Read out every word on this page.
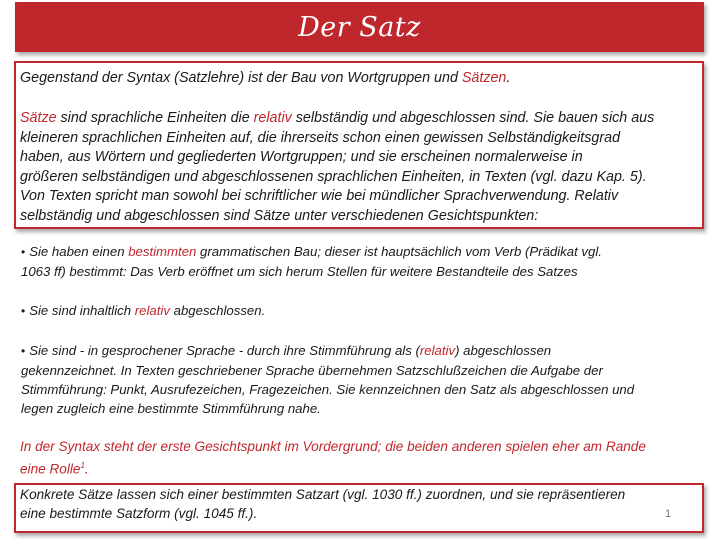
Der Satz
Gegenstand der Syntax (Satzlehre) ist der Bau von Wortgruppen und Sätzen.
Sätze sind sprachliche Einheiten die relativ selbständig und abgeschlossen sind. Sie bauen sich aus
kleineren sprachlichen Einheiten auf, die ihrerseits schon einen gewissen Selbständigkeitsgrad
haben, aus Wörtern und gegliederten Wortgruppen; und sie erscheinen normalerweise in
größeren selbständigen und abgeschlossenen sprachlichen Einheiten, in Texten (vgl. dazu Kap. 5).
Von Texten spricht man sowohl bei schriftlicher wie bei mündlicher Sprachverwendung. Relativ
selbständig und abgeschlossen sind Sätze unter verschiedenen Gesichtspunkten:
• Sie haben einen bestimmten grammatischen Bau; dieser ist hauptsächlich vom Verb (Prädikat vgl.
1063 ff) bestimmt: Das Verb eröffnet um sich herum Stellen für weitere Bestandteile des Satzes
• Sie sind inhaltlich relativ abgeschlossen.
• Sie sind - in gesprochener Sprache - durch ihre Stimmführung als (relativ) abgeschlossen
gekennzeichnet. In Texten geschriebener Sprache übernehmen Satzschlußzeichen die Aufgabe der
Stimmführung: Punkt, Ausrufezeichen, Fragezeichen. Sie kennzeichnen den Satz als abgeschlossen und
legen zugleich eine bestimmte Stimmführung nahe.
In der Syntax steht der erste Gesichtspunkt im Vordergrund; die beiden anderen spielen eher am Rande
eine Rolle$^1$.
Konkrete Sätze lassen sich einer bestimmten Satzart (vgl. 1030 ff.) zuordnen, und sie repräsentieren
eine bestimmte Satzform (vgl. 1045 ff.).	1
